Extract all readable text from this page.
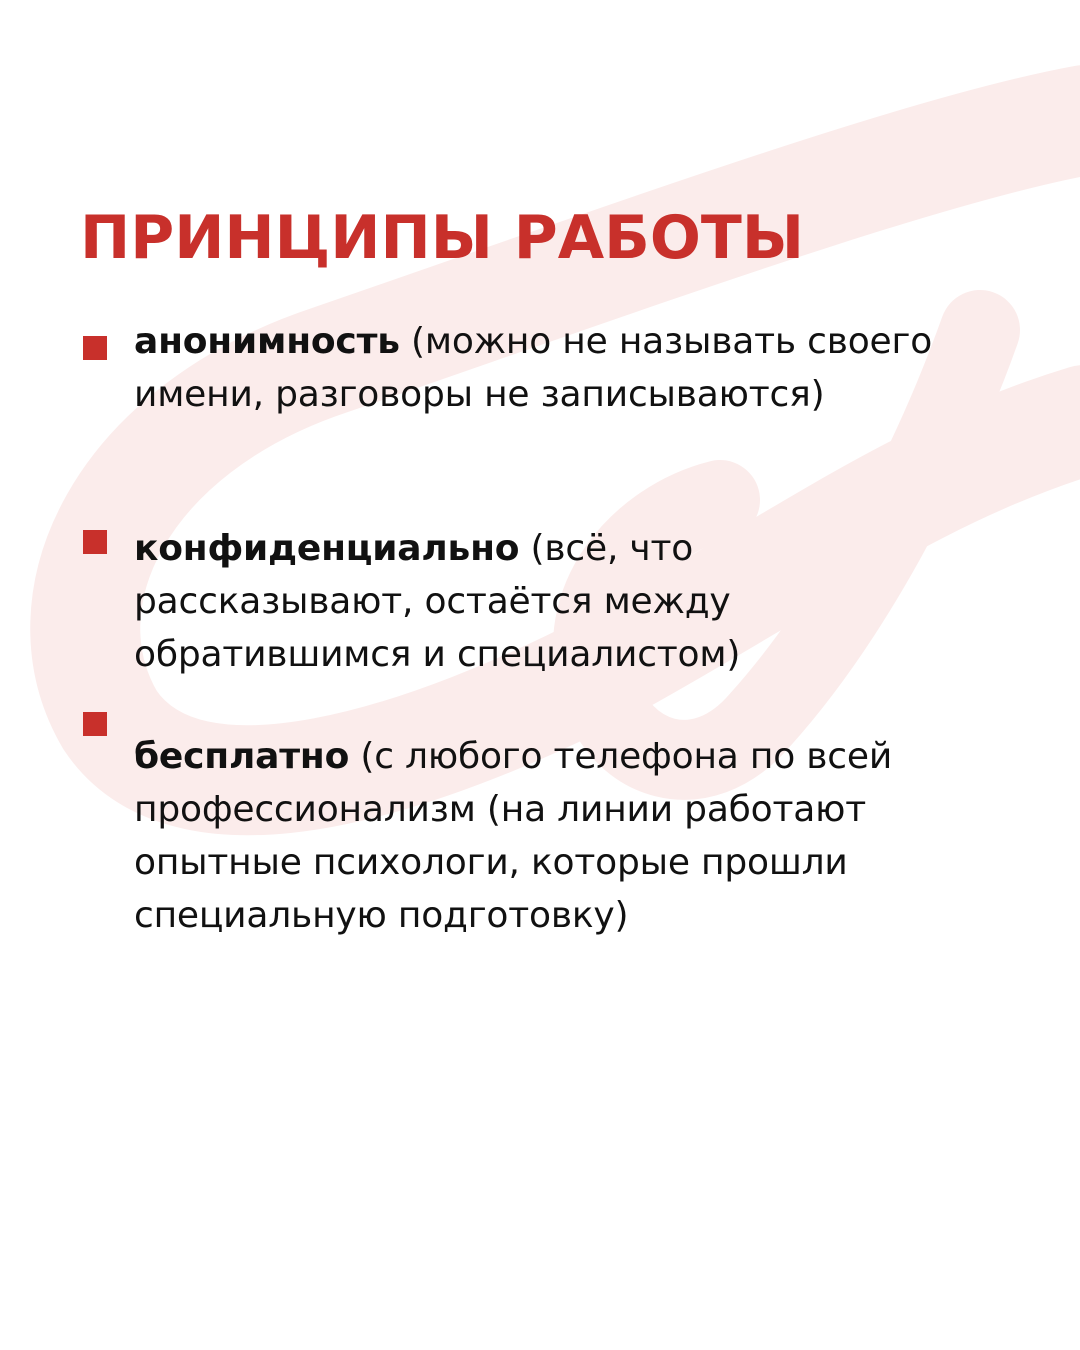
ПРИНЦИПЫ РАБОТЫ

анонимность (можно не называть своего имени, разговоры не записываются)

конфиденциально (всё, что рассказывают, остаётся между обратившимся и специалистом)

бесплатно (с любого телефона по всей профессионализм (на линии работают опытные психологи, которые прошли специальную подготовку)
